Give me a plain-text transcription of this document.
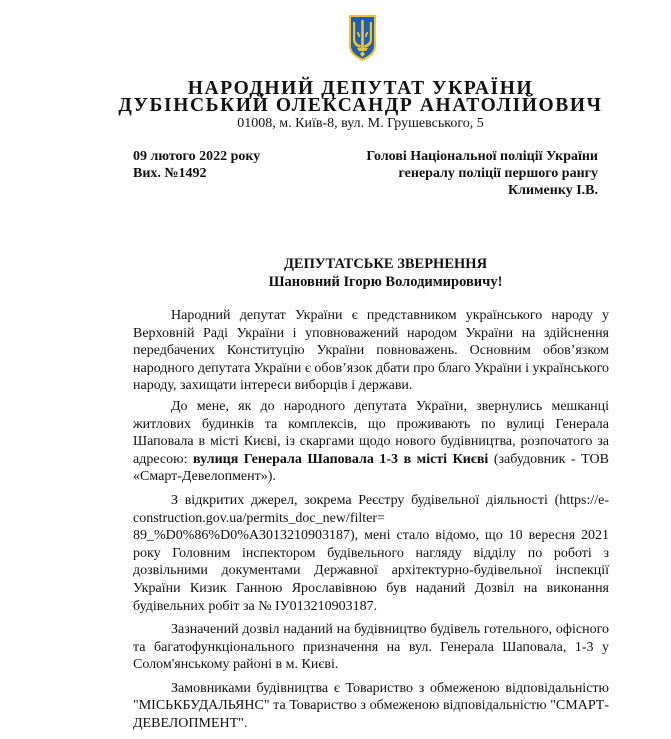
НАРОДНИЙ ДЕПУТАТ УКРАЇНИ
ДУБІНСЬКИЙ ОЛЕКСАНДР АНАТОЛІЙОВИЧ
01008, м. Київ-8, вул. М. Грушевського, 5
09 лютого 2022 року
Вих. №1492
Голові Національної поліції України
генералу поліції першого рангу
Клименку І.В.
ДЕПУТАТСЬКЕ ЗВЕРНЕННЯ
Шановний Ігорю Володимировичу!

Народний депутат України є представником українського народу у Верховній Раді України і уповноважений народом України на здійснення передбачених Конституцію України повноважень. Основним обов’язком народного депутата України є обов’язок дбати про благо України і українського народу, захищати інтереси виборців і держави.

До мене, як до народного депутата України, звернулись мешканці житлових будинків та комплексів, що проживають по вулиці Генерала Шаповала в місті Києві, із скаргами щодо нового будівництва, розпочатого за адресою: вулиця Генерала Шаповала 1-3 в місті Києві (забудовник - ТОВ «Смарт-Девелопмент»).

З відкритих джерел, зокрема Реєстру будівельної діяльності (https://e-construction.gov.ua/permits_doc_new/filter= 89_%D0%86%D0%A3013210903187), мені стало відомо, що 10 вересня 2021 року Головним інспектором будівельного нагляду відділу по роботі з дозвільними документами Державної архітектурно-будівельної інспекції України Кизик Ганною Ярославівною був наданий Дозвіл на виконання будівельних робіт за № ІУ013210903187.

Зазначений дозвіл наданий на будівництво будівель готельного, офісного та багатофункціонального призначення на вул. Генерала Шаповала, 1-3 у Солом'янському районі в м. Києві.

Замовниками будівництва є Товариство з обмеженою відповідальністю "МІСЬКБУДАЛЬЯНС" та Товариство з обмеженою відповідальністю "СМАРТ-ДЕВЕЛОПМЕНТ".
